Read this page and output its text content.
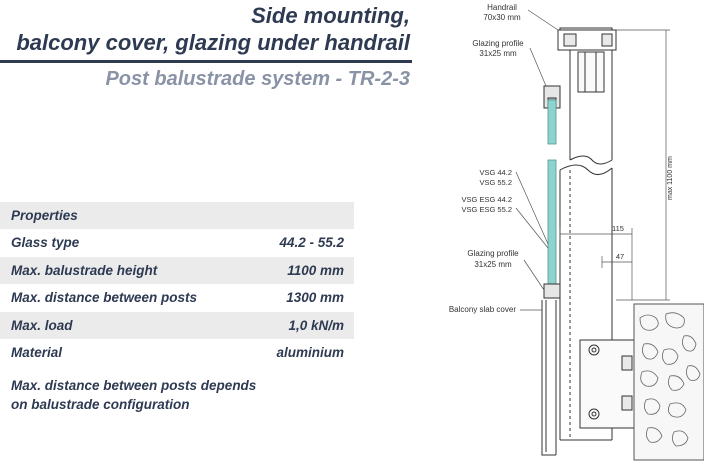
Side mounting,
balcony cover, glazing under handrail
Post balustrade system - TR-2-3
Properties	
Glass type	44.2 - 55.2
Max. balustrade height	1100 mm
Max. distance between posts	1300 mm
Max. load	1,0 kN/m
Material	aluminium
Max. distance between posts depends
on balustrade configuration
Handrail
70x30 mm
Glazing profile
31x25 mm
VSG 44.2
VSG 55.2
VSG ESG 44.2
VSG ESG 55.2
Glazing profile
31x25 mm
Balcony slab cover
max 1100 mm
115
47
